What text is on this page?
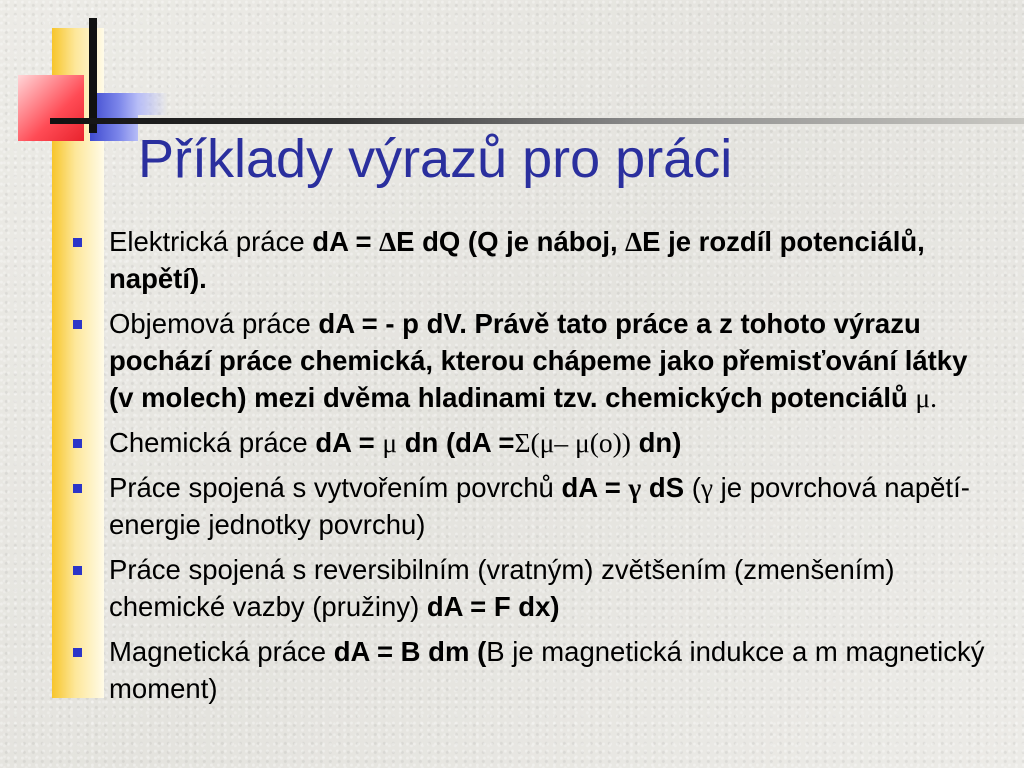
Příklady výrazů pro práci
Elektrická práce dA = ∆E dQ (Q je náboj, ∆E je rozdíl potenciálů, napětí).
Objemová práce dA = - p dV. Právě tato práce a z tohoto výrazu pochází práce chemická, kterou chápeme jako přemisťování látky (v molech) mezi dvěma hladinami tzv. chemických potenciálů μ.
Chemická práce dA = μ dn (dA =Σ(μ– μ(o)) dn)
Práce spojená s vytvořením povrchů dA = γ dS (γ je povrchová napětí-energie jednotky povrchu)
Práce spojená s reversibilním (vratným) zvětšením (zmenšením) chemické vazby (pružiny) dA = F dx)
Magnetická práce dA = B dm (B je magnetická indukce a m magnetický moment)
